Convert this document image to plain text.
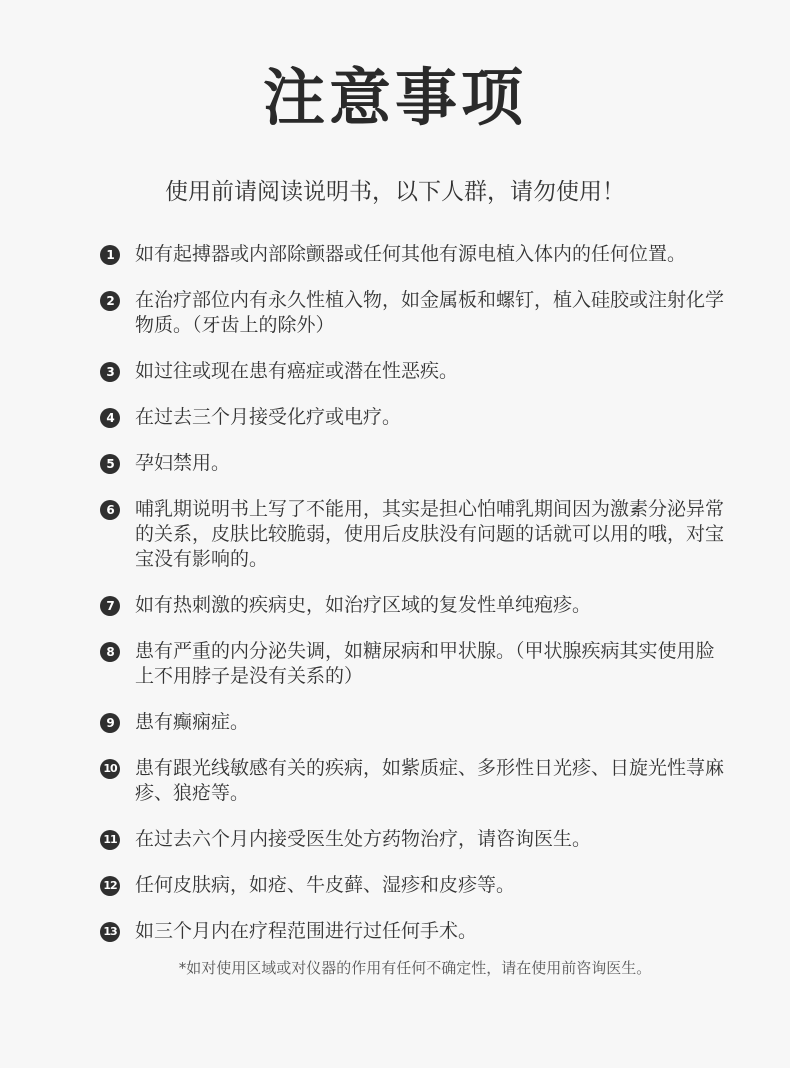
注意事项
使用前请阅读说明书，以下人群，请勿使用！
1	如有起搏器或内部除颤器或任何其他有源电植入体内的任何位置。
2	在治疗部位内有永久性植入物，如金属板和螺钉，植入硅胶或注射化学物质。（牙齿上的除外）
3	如过往或现在患有癌症或潜在性恶疾。
4	在过去三个月接受化疗或电疗。
5	孕妇禁用。
6	哺乳期说明书上写了不能用，其实是担心怕哺乳期间因为激素分泌异常的关系，皮肤比较脆弱，使用后皮肤没有问题的话就可以用的哦，对宝宝没有影响的。
7	如有热刺激的疾病史，如治疗区域的复发性单纯疱疹。
8	患有严重的内分泌失调，如糖尿病和甲状腺。（甲状腺疾病其实使用脸上不用脖子是没有关系的）
9	患有癫痫症。
10 患有跟光线敏感有关的疾病，如紫质症、多形性日光疹、日旋光性荨麻疹、狼疮等。
11 在过去六个月内接受医生处方药物治疗，请咨询医生。
12 任何皮肤病，如疮、牛皮藓、湿疹和皮疹等。
13 如三个月内在疗程范围进行过任何手术。
*如对使用区域或对仪器的作用有任何不确定性，请在使用前咨询医生。
